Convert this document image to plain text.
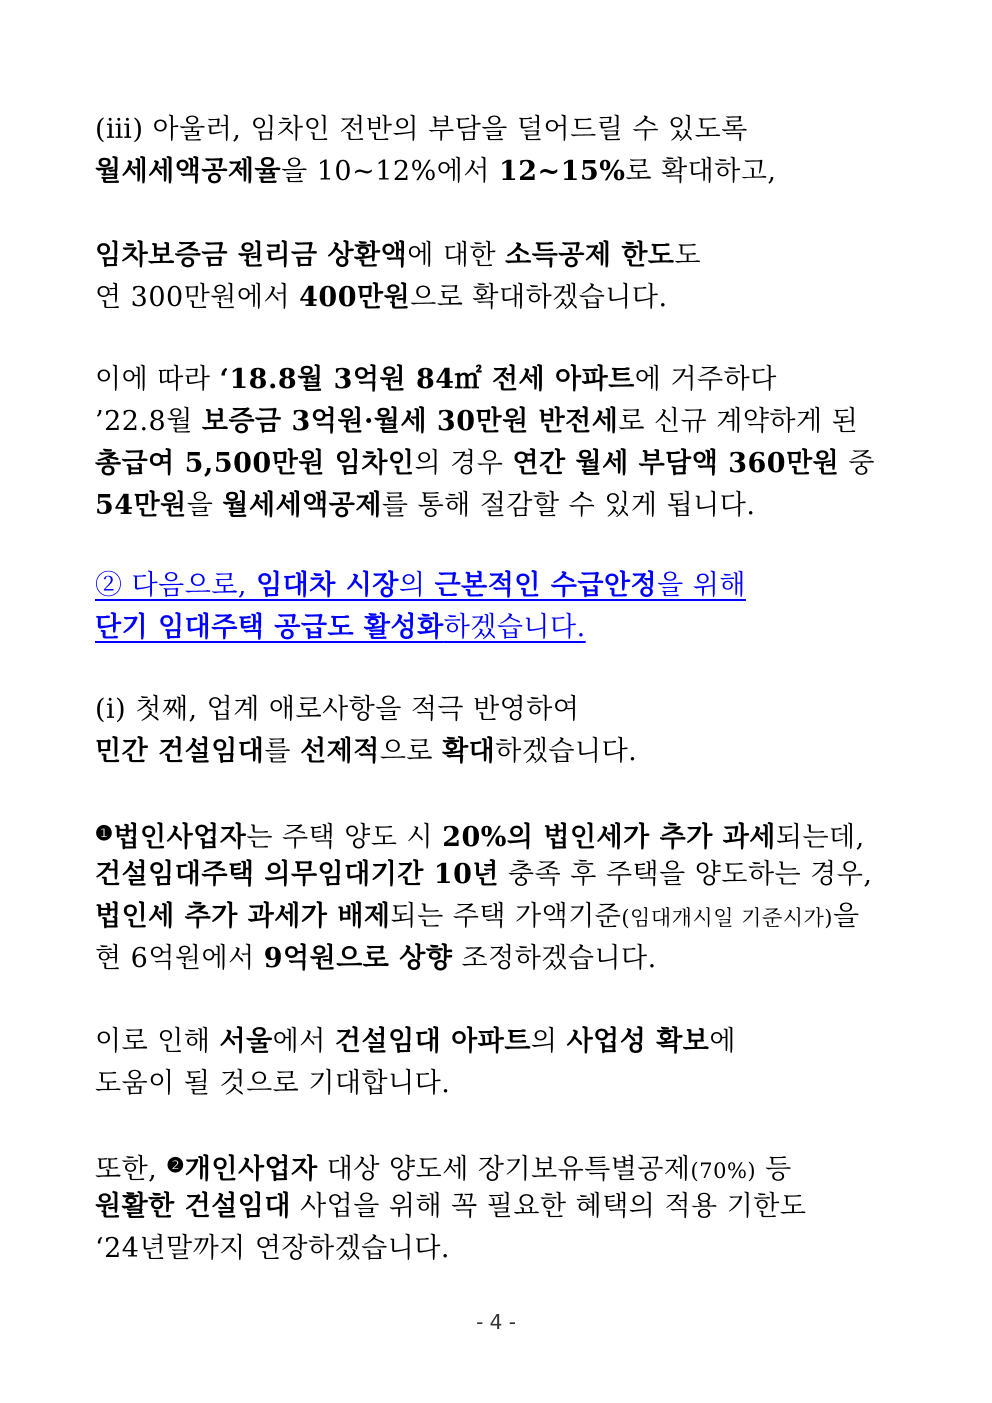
(ⅲ) 아울러, 임차인 전반의 부담을 덜어드릴 수 있도록
월세세액공제율을 10~12%에서 12~15%로 확대하고,
임차보증금 원리금 상환액에 대한 소득공제 한도도
연 300만원에서 400만원으로 확대하겠습니다.
이에 따라 ‘18.8월 3억원 84㎡ 전세 아파트에 거주하다
’22.8월 보증금 3억원·월세 30만원 반전세로 신규 계약하게 된
총급여 5,500만원 임차인의 경우 연간 월세 부담액 360만원 중
54만원을 월세세액공제를 통해 절감할 수 있게 됩니다.
② 다음으로, 임대차 시장의 근본적인 수급안정을 위해
단기 임대주택 공급도 활성화하겠습니다.
(ⅰ) 첫째, 업계 애로사항을 적극 반영하여
민간 건설임대를 선제적으로 확대하겠습니다.
$^❶$법인사업자는 주택 양도 시 20%의 법인세가 추가 과세되는데,
건설임대주택 의무임대기간 10년 충족 후 주택을 양도하는 경우,
법인세 추가 과세가 배제되는 주택 가액기준(임대개시일 기준시가)을
현 6억원에서 9억원으로 상향 조정하겠습니다.
이로 인해 서울에서 건설임대 아파트의 사업성 확보에
도움이 될 것으로 기대합니다.
또한, $^❷$개인사업자 대상 양도세 장기보유특별공제(70%) 등
원활한 건설임대 사업을 위해 꼭 필요한 혜택의 적용 기한도
‘24년말까지 연장하겠습니다.
- 4 -
